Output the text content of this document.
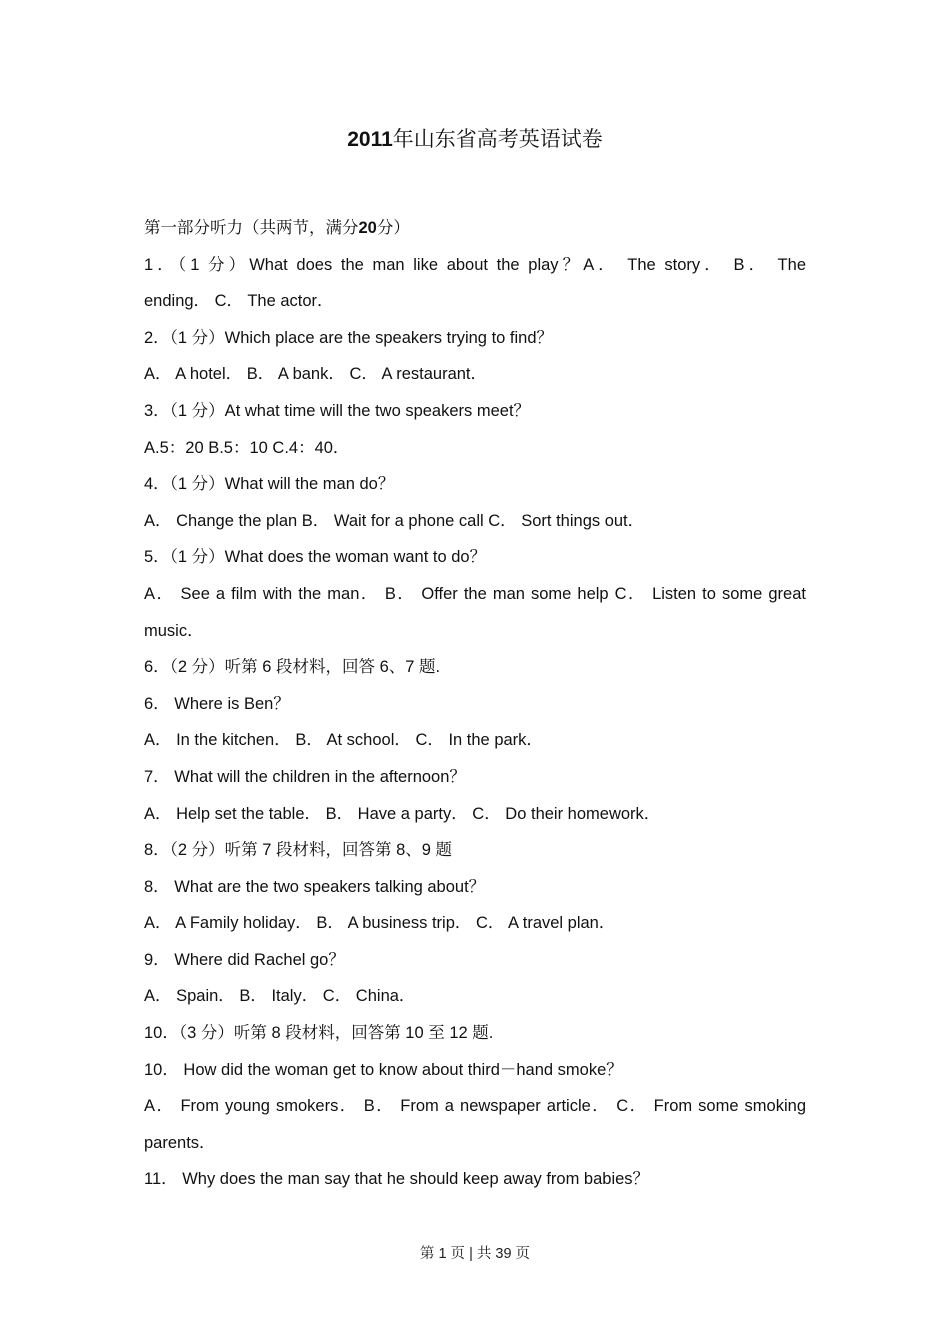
2011年山东省高考英语试卷
第一部分听力（共两节，满分20分）
1．（1 分）What does the man like about the play？A． The story． B． The
ending． C． The actor．
2．（1 分）Which place are the speakers trying to find？
A． A hotel． B． A bank． C． A restaurant．
3．（1 分）At what time will the two speakers meet？
A.5：20 B.5：10 C.4：40．
4．（1 分）What will the man do？
A． Change the plan B． Wait for a phone call C． Sort things out．
5．（1 分）What does the woman want to do？
A． See a film with the man． B． Offer the man some help C． Listen to some great
music．
6．（2 分）听第 6 段材料，回答 6、7 题.
6． Where is Ben？
A． In the kitchen． B． At school． C． In the park．
7． What will the children in the afternoon？
A． Help set the table． B． Have a party． C． Do their homework．
8．（2 分）听第 7 段材料，回答第 8、9 题
8． What are the two speakers talking about？
A． A Family holiday． B． A business trip． C． A travel plan．
9． Where did Rachel go？
A． Spain． B． Italy． C． China．
10．（3 分）听第 8 段材料，回答第 10 至 12 题.
10． How did the woman get to know about third－hand smoke？
A． From young smokers． B． From a newspaper article． C． From some smoking
parents．
11． Why does the man say that he should keep away from babies？
第 1 页 | 共 39 页
